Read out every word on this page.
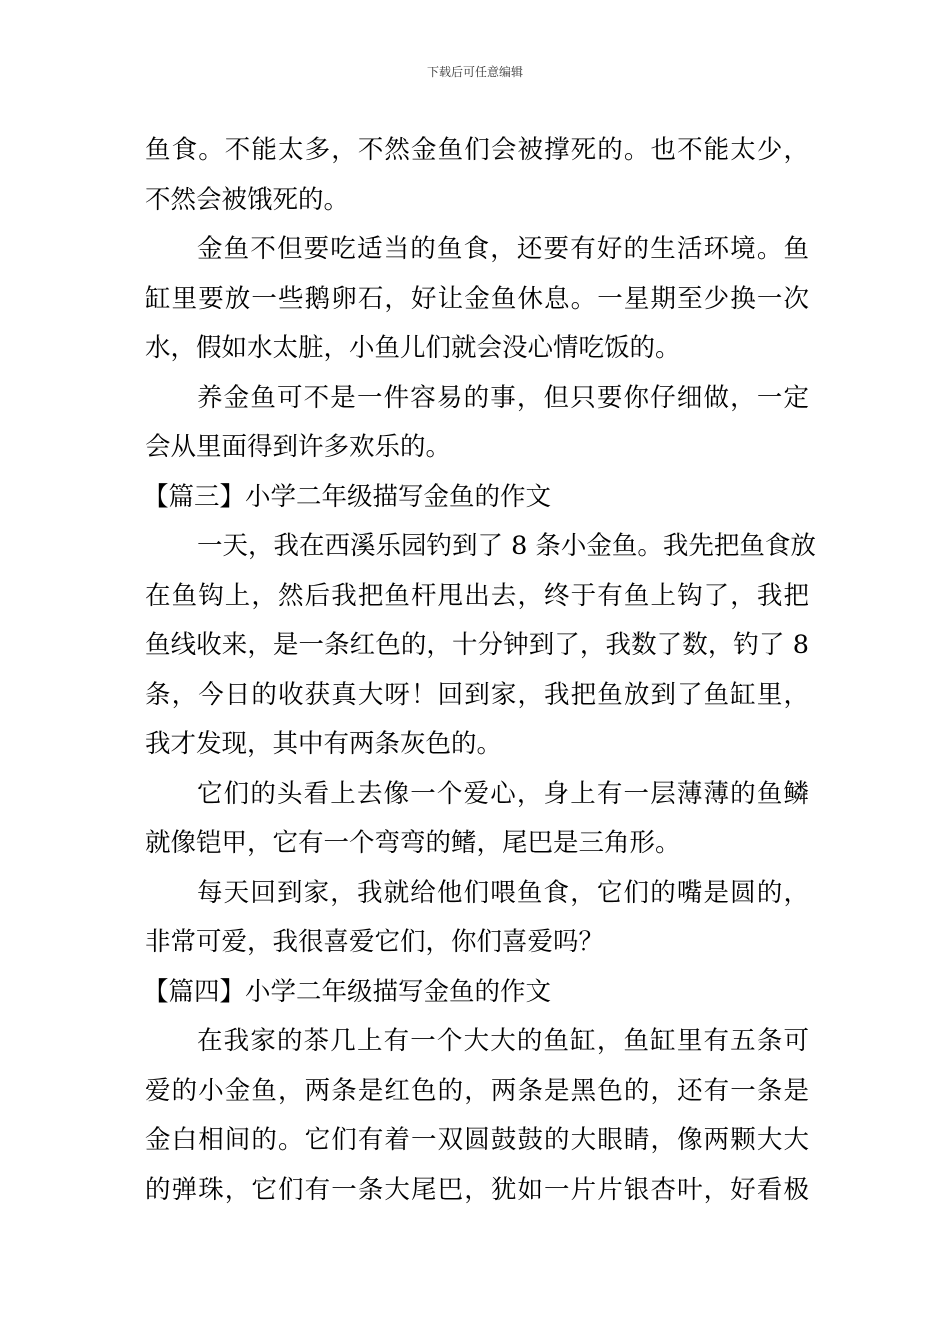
下载后可任意编辑
鱼食。不能太多，不然金鱼们会被撑死的。也不能太少，
不然会被饿死的。
金鱼不但要吃适当的鱼食，还要有好的生活环境。鱼
缸里要放一些鹅卵石，好让金鱼休息。一星期至少换一次
水，假如水太脏，小鱼儿们就会没心情吃饭的。
养金鱼可不是一件容易的事，但只要你仔细做，一定
会从里面得到许多欢乐的。
【篇三】小学二年级描写金鱼的作文
一天，我在西溪乐园钓到了 8 条小金鱼。我先把鱼食放
在鱼钩上，然后我把鱼杆甩出去，终于有鱼上钩了，我把
鱼线收来，是一条红色的，十分钟到了，我数了数，钓了 8
条，今日的收获真大呀！回到家，我把鱼放到了鱼缸里，
我才发现，其中有两条灰色的。
它们的头看上去像一个爱心，身上有一层薄薄的鱼鳞
就像铠甲，它有一个弯弯的鳍，尾巴是三角形。
每天回到家，我就给他们喂鱼食，它们的嘴是圆的，
非常可爱，我很喜爱它们，你们喜爱吗？
【篇四】小学二年级描写金鱼的作文
在我家的茶几上有一个大大的鱼缸，鱼缸里有五条可
爱的小金鱼，两条是红色的，两条是黑色的，还有一条是
金白相间的。它们有着一双圆鼓鼓的大眼睛，像两颗大大
的弹珠，它们有一条大尾巴，犹如一片片银杏叶，好看极
